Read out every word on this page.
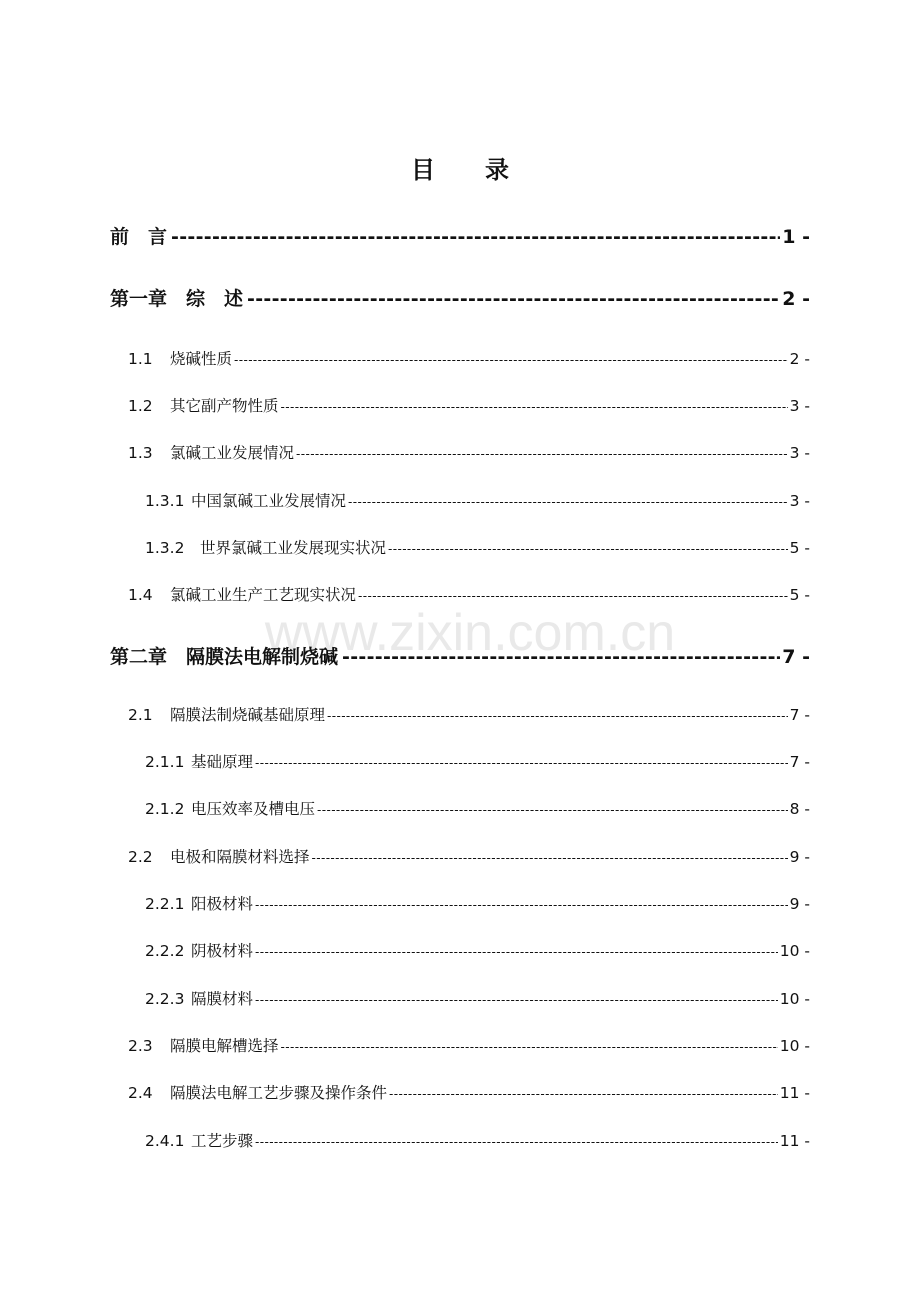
目 录
www.zixin.com.cn
前　言 -----	1 -
第一章　综　述 -----	2 -
1.1	烧碱性质 -----	2 -
1.2	其它副产物性质 -----	3 -
1.3	氯碱工业发展情况 -----	3 -
1.3.1 中国氯碱工业发展情况 -----	3 -
1.3.2	世界氯碱工业发展现实状况 -----	5 -
1.4	氯碱工业生产工艺现实状况 -----	5 -
第二章　隔膜法电解制烧碱 -----	7 -
2.1	隔膜法制烧碱基础原理 -----	7 -
2.1.1 基础原理 -----	7 -
2.1.2 电压效率及槽电压 -----	8 -
2.2	电极和隔膜材料选择 -----	9 -
2.2.1 阳极材料 -----	9 -
2.2.2 阴极材料 -----	10 -
2.2.3 隔膜材料 -----	10 -
2.3	隔膜电解槽选择 -----	10 -
2.4	隔膜法电解工艺步骤及操作条件 -----	11 -
2.4.1 工艺步骤 -----	11 -
